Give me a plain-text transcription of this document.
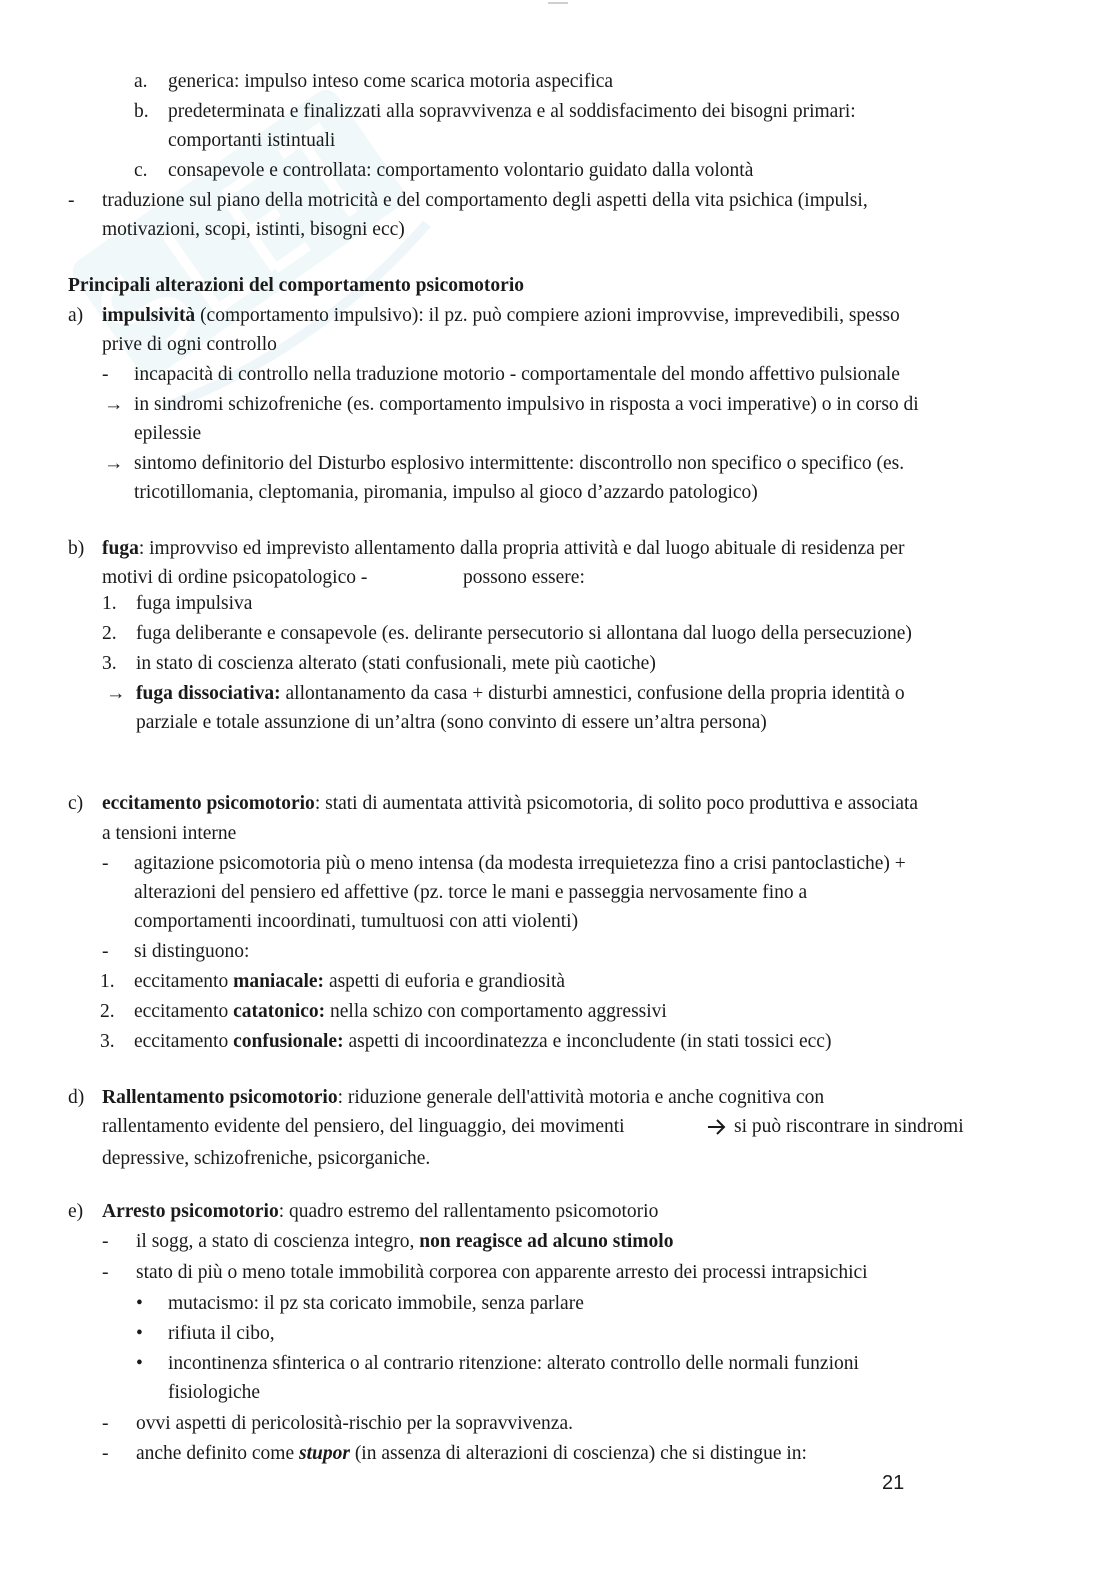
a. generica: impulso inteso come scarica motoria aspecifica
b. predeterminata e finalizzati alla sopravvivenza e al soddisfacimento dei bisogni primari:
comportanti istintuali
c. consapevole e controllata: comportamento volontario guidato dalla volontà
- traduzione sul piano della motricità e del comportamento degli aspetti della vita psichica (impulsi,
motivazioni, scopi, istinti, bisogni ecc)
Principali alterazioni del comportamento psicomotorio
a) impulsività (comportamento impulsivo): il pz. può compiere azioni improvvise, imprevedibili, spesso
prive di ogni controllo
- incapacità di controllo nella traduzione motorio - comportamentale del mondo affettivo pulsionale
→ in sindromi schizofreniche (es. comportamento impulsivo in risposta a voci imperative) o in corso di
epilessie
→ sintomo definitorio del Disturbo esplosivo intermittente: discontrollo non specifico o specifico (es.
tricotillomania, cleptomania, piromania, impulso al gioco d’azzardo patologico)
b) fuga: improvviso ed imprevisto allentamento dalla propria attività e dal luogo abituale di residenza per
motivi di ordine psicopatologico -	possono essere:
1. fuga impulsiva
2. fuga deliberante e consapevole (es. delirante persecutorio si allontana dal luogo della persecuzione)
3. in stato di coscienza alterato (stati confusionali, mete più caotiche)
→ fuga dissociativa: allontanamento da casa + disturbi amnestici, confusione della propria identità o
parziale e totale assunzione di un’altra (sono convinto di essere un’altra persona)
c) eccitamento psicomotorio: stati di aumentata attività psicomotoria, di solito poco produttiva e associata
a tensioni interne
- agitazione psicomotoria più o meno intensa (da modesta irrequietezza fino a crisi pantoclastiche) +
alterazioni del pensiero ed affettive (pz. torce le mani e passeggia nervosamente fino a
comportamenti incoordinati, tumultuosi con atti violenti)
- si distinguono:
1. eccitamento maniacale: aspetti di euforia e grandiosità
2. eccitamento catatonico: nella schizo con comportamento aggressivi
3. eccitamento confusionale: aspetti di incoordinatezza e inconcludente (in stati tossici ecc)
d) Rallentamento psicomotorio: riduzione generale dell'attività motoria e anche cognitiva con
rallentamento evidente del pensiero, del linguaggio, dei movimenti	si può riscontrare in sindromi
depressive, schizofreniche, psicorganiche.
e) Arresto psicomotorio: quadro estremo del rallentamento psicomotorio
- il sogg, a stato di coscienza integro, non reagisce ad alcuno stimolo
- stato di più o meno totale immobilità corporea con apparente arresto dei processi intrapsichici
• mutacismo: il pz sta coricato immobile, senza parlare
• rifiuta il cibo,
• incontinenza sfinterica o al contrario ritenzione: alterato controllo delle normali funzioni
fisiologiche
- ovvi aspetti di pericolosità-rischio per la sopravvivenza.
- anche definito come stupor (in assenza di alterazioni di coscienza) che si distingue in:
21
